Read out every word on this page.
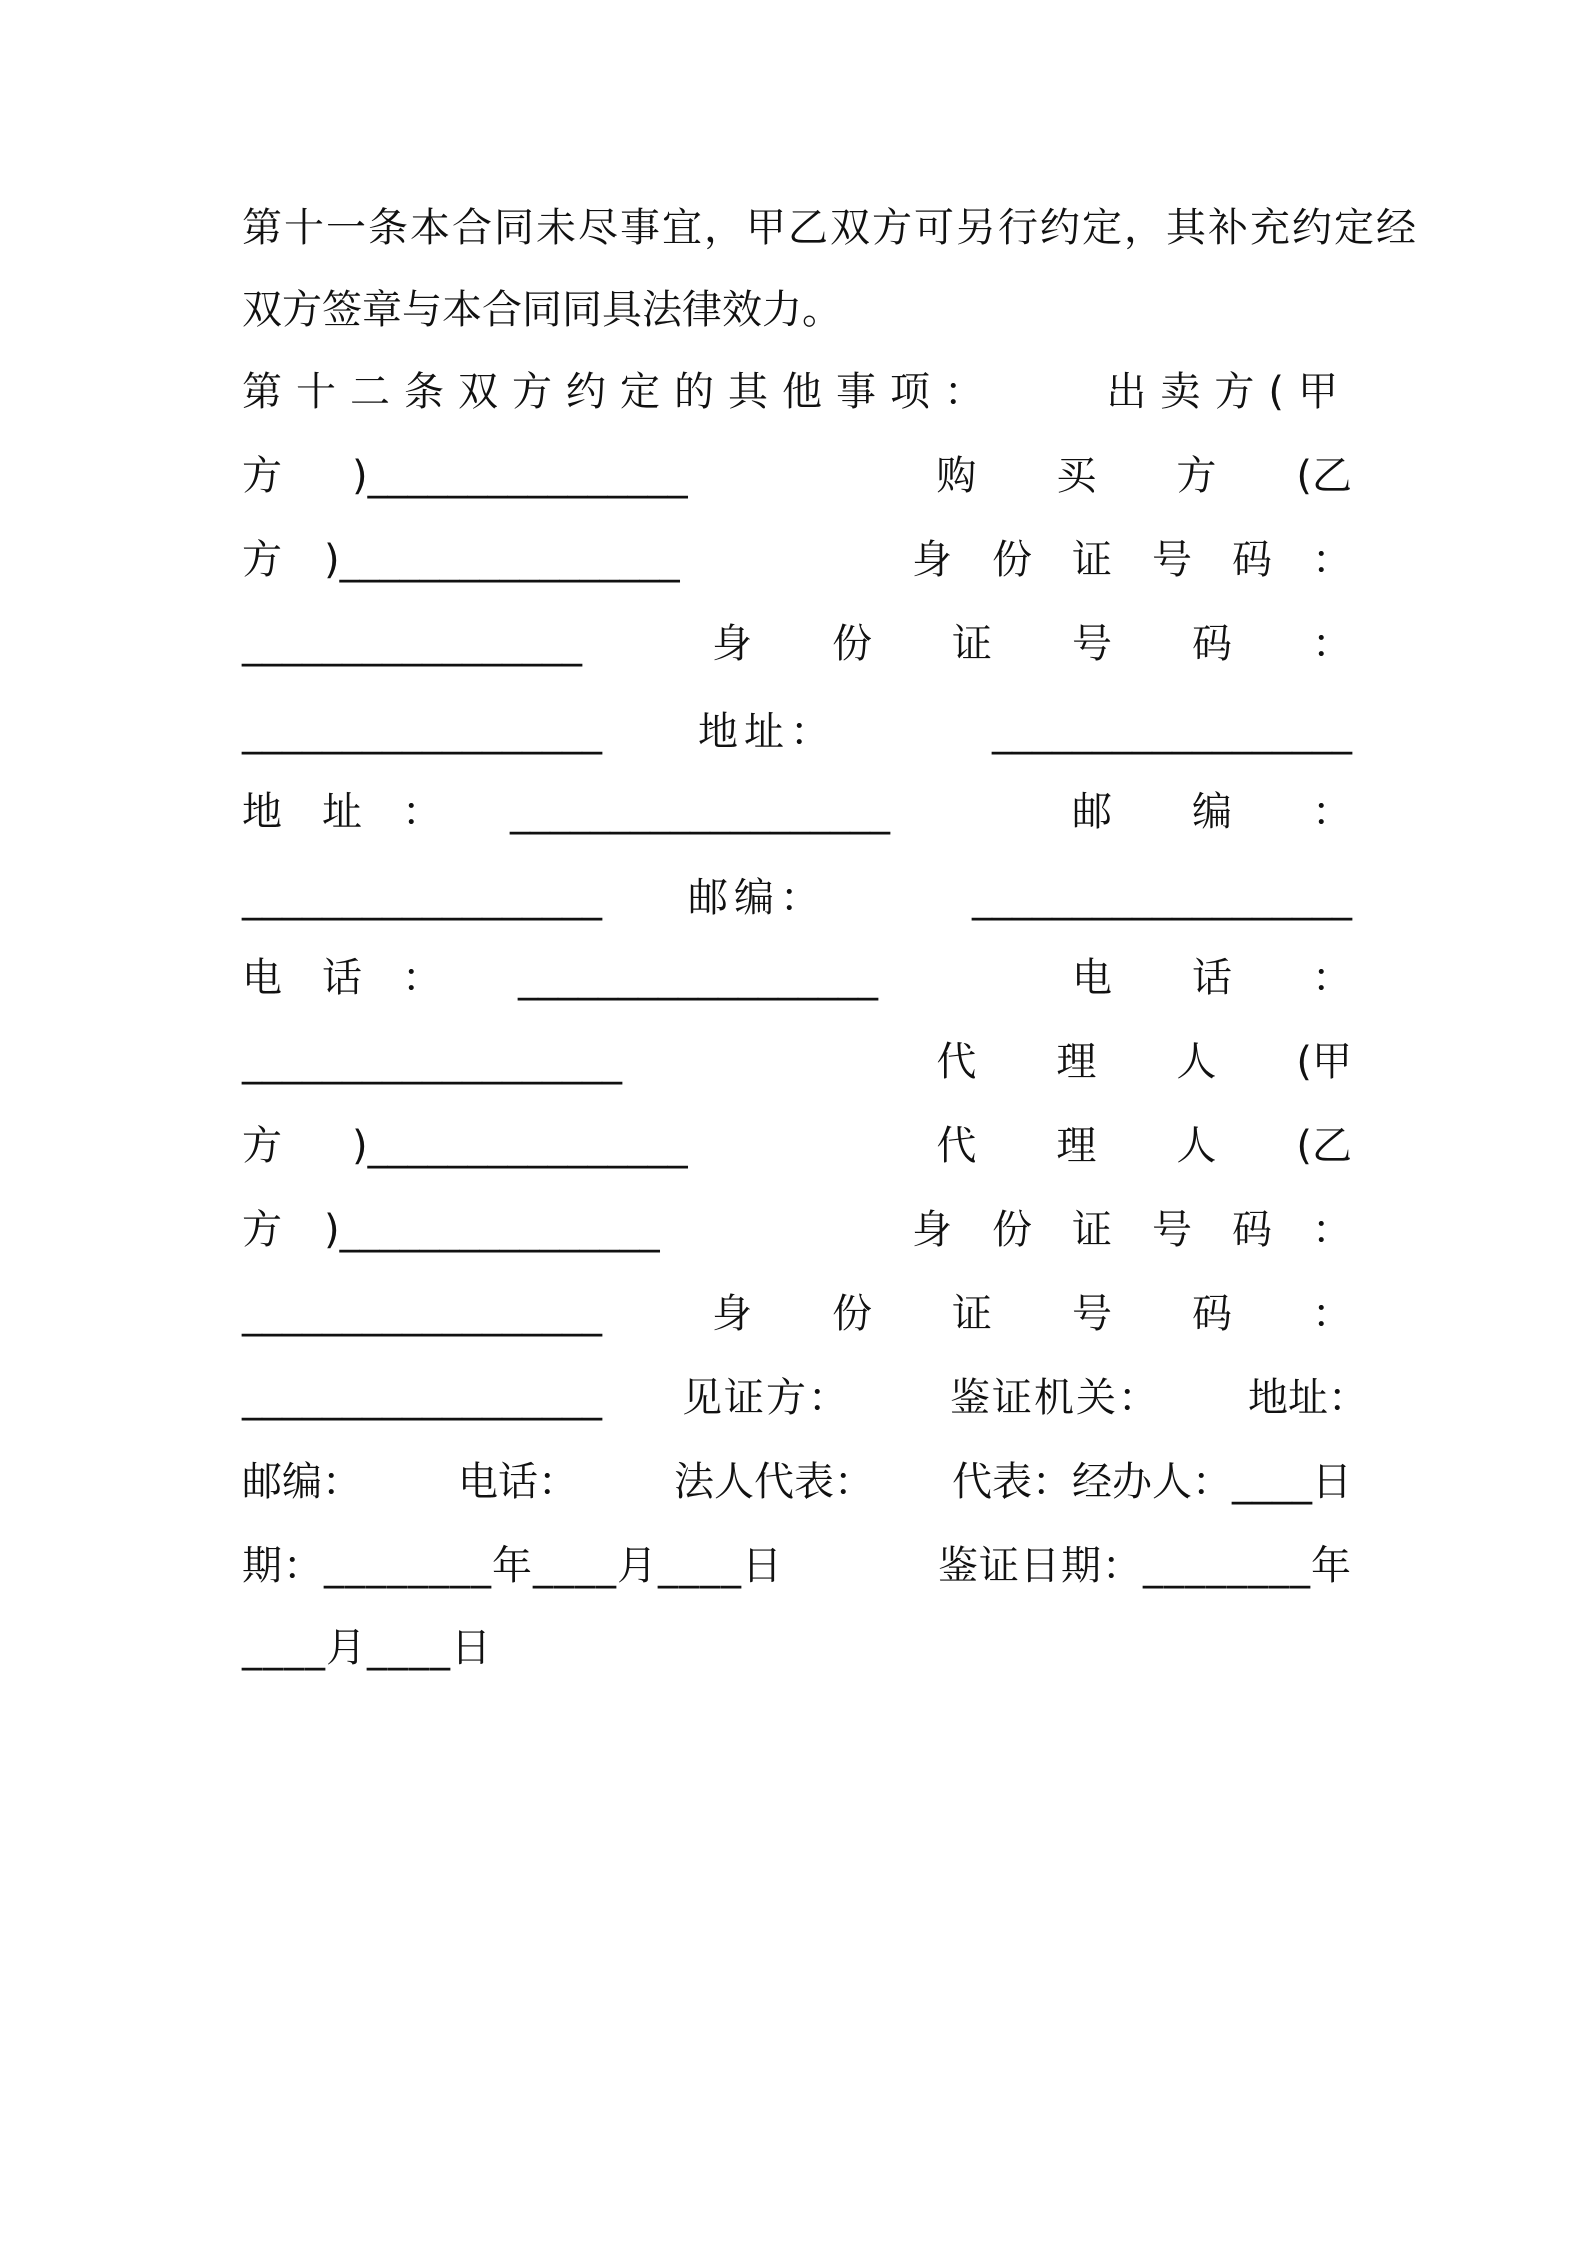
第十一条本合同未尽事宜，甲乙双方可另行约定，其补充约定经
双方签章与本合同同具法律效力。
第十二条双方约定的其他事项：	出卖方(甲
方	)________________	购　　买　　方　　(乙
方	)_________________	身　份　证　号　码　：
_________________	身　　份　　证　　号　　码　　：
__________________ 地址：	__________________
地　址　：	___________________	邮　　编　　：
__________________ 邮编：	___________________
电　话　：	__________________	电　　话　　：
___________________	代　　理　　人　　(甲
方	)________________	代　　理　　人　　(乙
方	)________________	身　份　证　号　码　：
__________________	身　　份　　证　　号　　码　　：
__________________ 见证方：	鉴证机关： 地址：
邮编： 电话： 法人代表： 代表：经办人：____日
期：________年____月____日	鉴证日期：________年
____月____日
